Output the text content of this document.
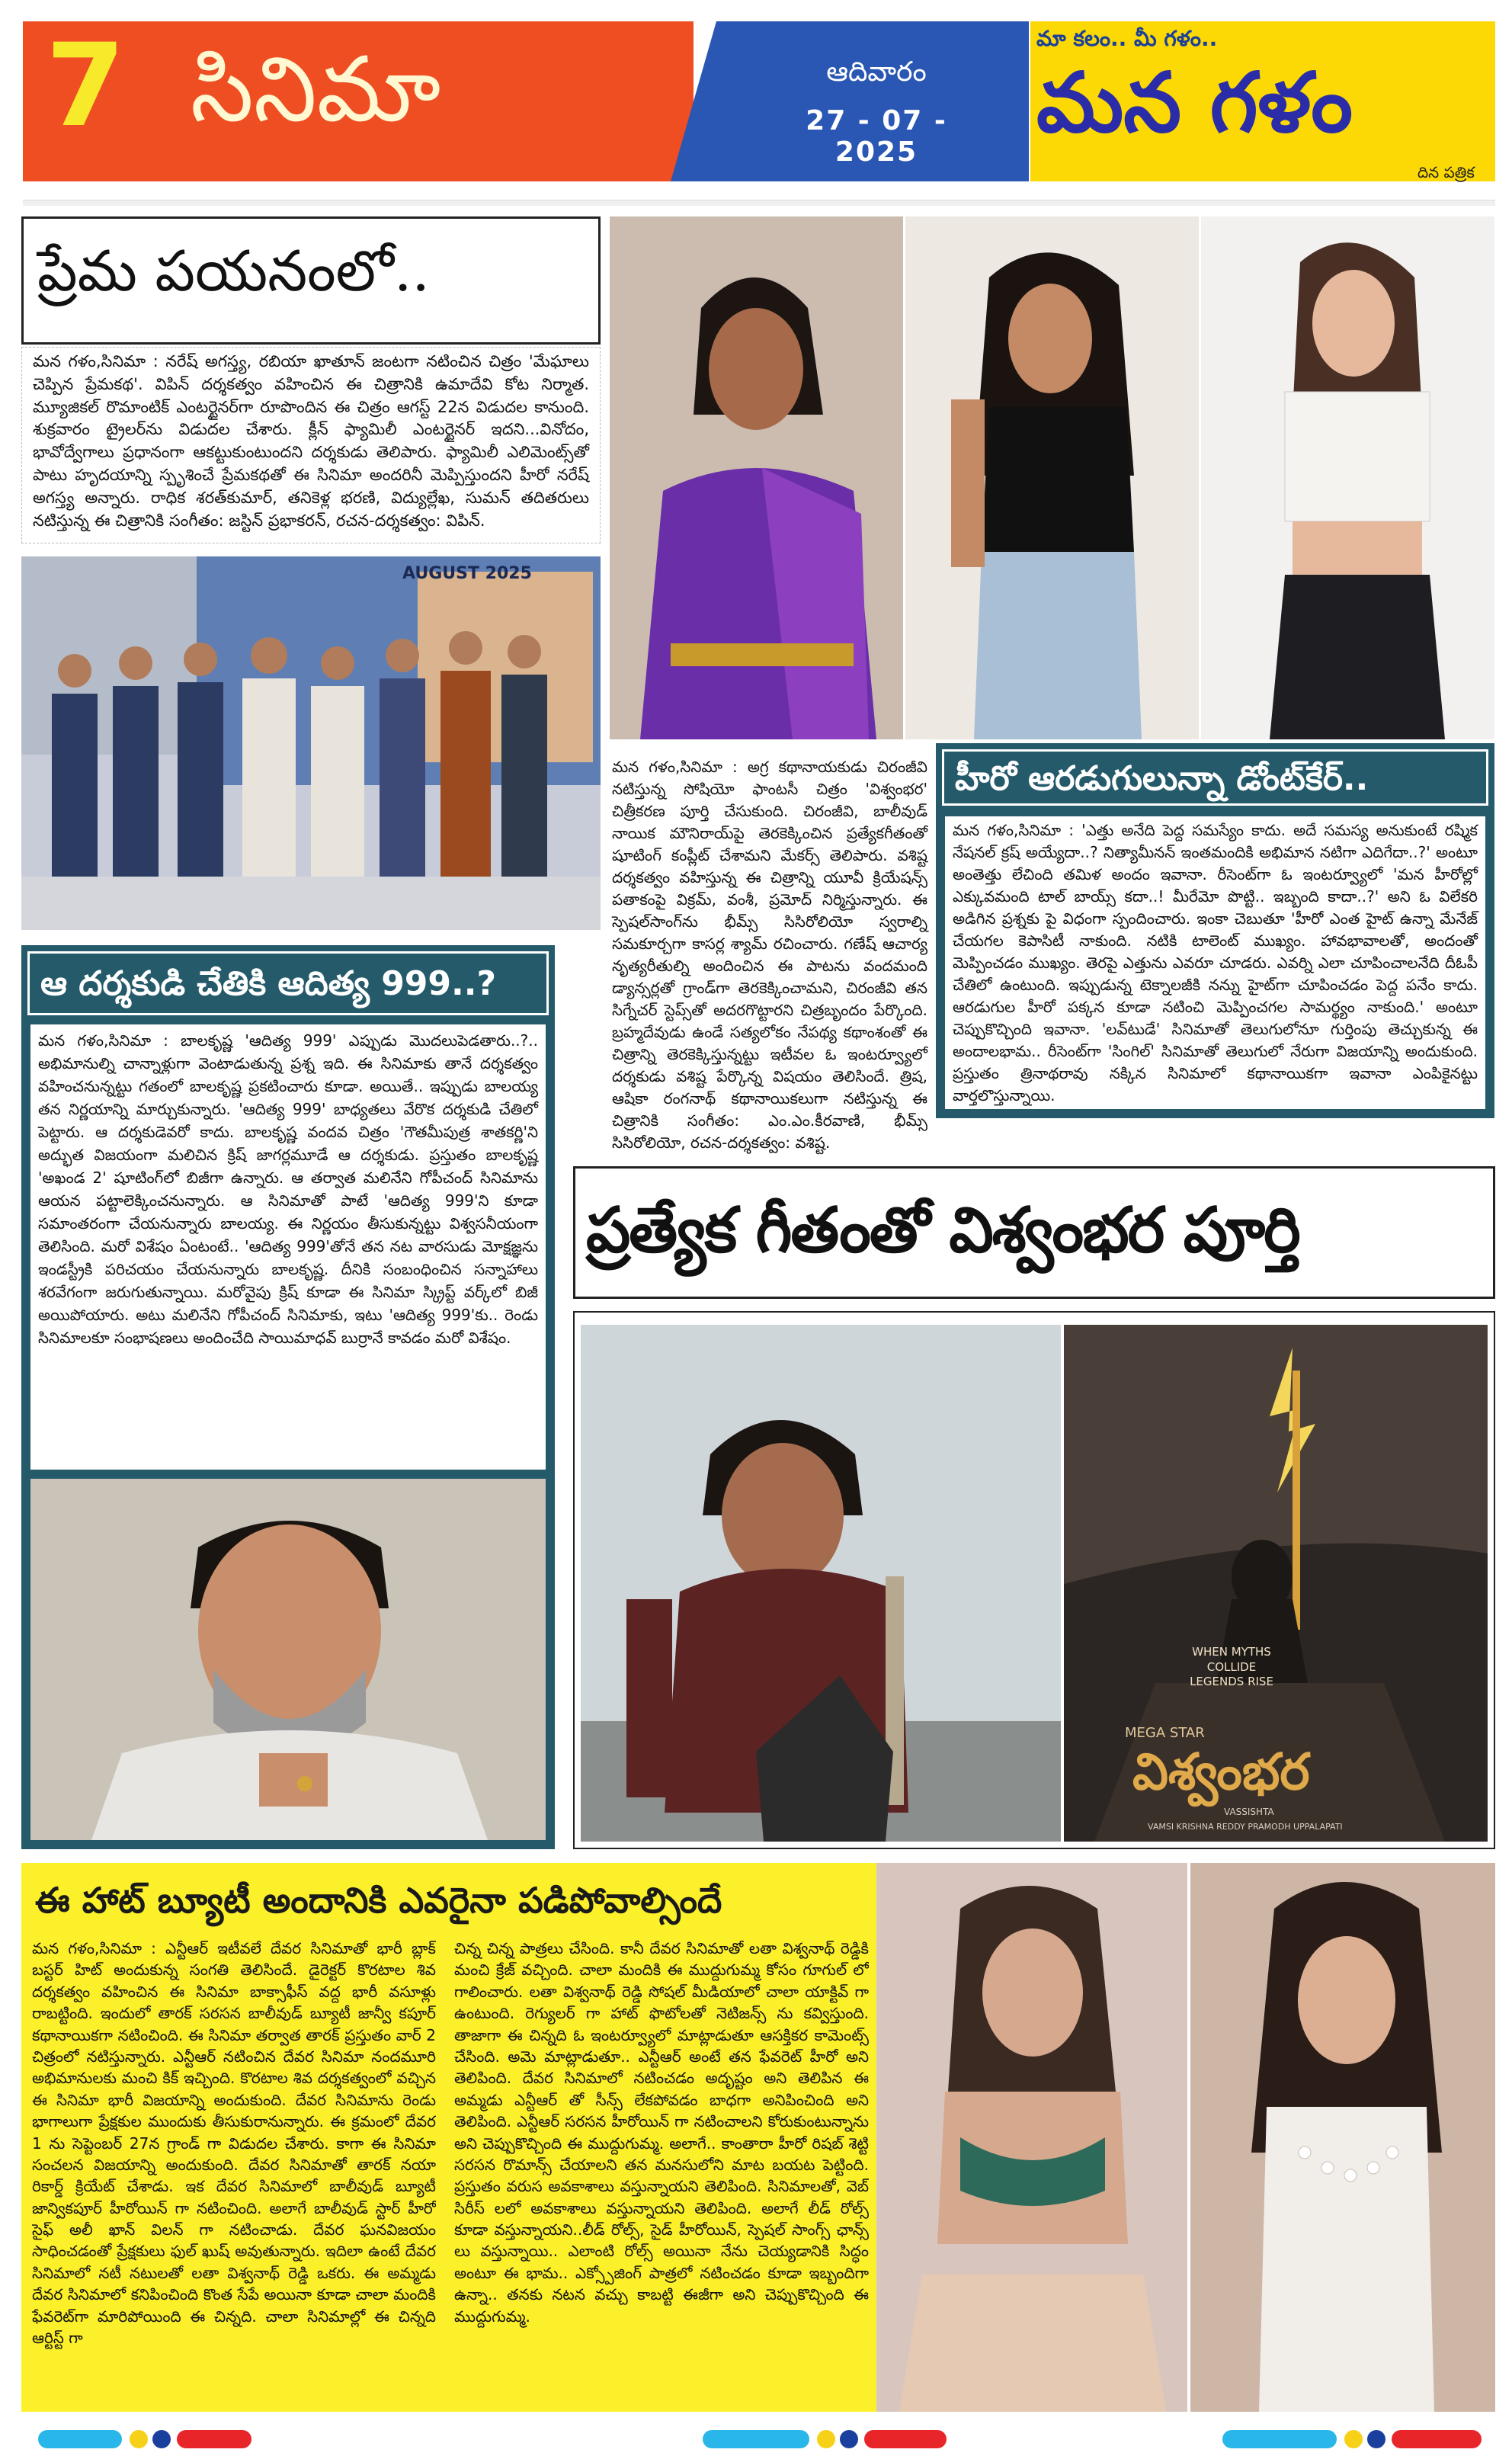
7 సినిమా	ఆదివారం
27 - 07 - 2025
మా కలం.. మీ గళం..
మన గళం
దిన పత్రిక
ప్రేమ పయనంలో..
మన గళం,సినిమా : నరేష్ అగస్త్య, రబియా ఖాతూన్ జంటగా నటించిన చిత్రం 'మేఘాలు చెప్పిన ప్రేమకథ'. విపిన్ దర్శకత్వం వహించిన ఈ చిత్రానికి ఉమాదేవి కోట నిర్మాత. మ్యూజికల్ రొమాంటిక్ ఎంటర్టైనర్‌గా రూపొందిన ఈ చిత్రం ఆగస్ట్ 22న విడుదల కానుంది. శుక్రవారం ట్రైలర్‌ను విడుదల చేశారు. క్లీన్ ఫ్యామిలీ ఎంటర్టైనర్ ఇదని...వినోదం, భావోద్వేగాలు ప్రధానంగా ఆకట్టుకుంటుందని దర్శకుడు తెలిపారు. ఫ్యామిలీ ఎలిమెంట్స్‌తో పాటు హృదయాన్ని స్పృశించే ప్రేమకథతో ఈ సినిమా అందరినీ మెప్పిస్తుందని హీరో నరేష్ అగస్త్య అన్నారు. రాధిక శరత్‌కుమార్, తనికెళ్ల భరణి, విద్యుల్లేఖ, సుమన్ తదితరులు నటిస్తున్న ఈ చిత్రానికి సంగీతం: జస్టిన్ ప్రభాకరన్, రచన-దర్శకత్వం: విపిన్.
AUGUST 2025
మన గళం,సినిమా : అగ్ర కథానాయకుడు చిరంజీవి నటిస్తున్న సోషియో ఫాంటసీ చిత్రం 'విశ్వంభర' చిత్రీకరణ పూర్తి చేసుకుంది. చిరంజీవి, బాలీవుడ్ నాయిక మౌనిరాయ్‌పై తెరకెక్కించిన ప్రత్యేకగీతంతో షూటింగ్ కంప్లీట్ చేశామని మేకర్స్ తెలిపారు. వశిష్ట దర్శకత్వం వహిస్తున్న ఈ చిత్రాన్ని యూవీ క్రియేషన్స్ పతాకంపై విక్రమ్, వంశీ, ప్రమోద్ నిర్మిస్తున్నారు. ఈ స్పెషల్‌సాంగ్‌ను భీమ్స్ సిసిరోలియో స్వరాల్ని సమకూర్చగా కాసర్ల శ్యామ్ రచించారు. గణేష్ ఆచార్య నృత్యరీతుల్ని అందించిన ఈ పాటను వందమంది డ్యాన్సర్లతో గ్రాండ్‌గా తెరకెక్కించామని, చిరంజీవి తన సిగ్నేచర్ స్టెప్స్‌తో అదరగొట్టారని చిత్రబృందం పేర్కొంది. బ్రహ్మదేవుడు ఉండే సత్యలోకం నేపథ్య కథాంశంతో ఈ చిత్రాన్ని తెరకెక్కిస్తున్నట్టు ఇటీవల ఓ ఇంటర్వ్యూలో దర్శకుడు వశిష్ట పేర్కొన్న విషయం తెలిసిందే. త్రిష, ఆషికా రంగనాథ్ కథానాయికలుగా నటిస్తున్న ఈ చిత్రానికి సంగీతం: ఎం.ఎం.కీరవాణి, భీమ్స్ సిసిరోలియో, రచన-దర్శకత్వం: వశిష్ట.
హీరో ఆరడుగులున్నా డోంట్‌కేర్..
మన గళం,సినిమా : 'ఎత్తు అనేది పెద్ద సమస్యేం కాదు. అదే సమస్య అనుకుంటే రష్మిక నేషనల్ క్రష్ అయ్యేదా..? నిత్యామీనన్ ఇంతమందికి అభిమాన నటిగా ఎదిగేదా..?' అంటూ అంతెత్తు లేచింది తమిళ అందం ఇవానా. రీసెంట్‌గా ఓ ఇంటర్వ్యూలో 'మన హీరోల్లో ఎక్కువమంది టాల్ బాయ్స్ కదా..! మీరేమో పొట్టి.. ఇబ్బంది కాదా..?' అని ఓ విలేకరి అడిగిన ప్రశ్నకు పై విధంగా స్పందించారు. ఇంకా చెబుతూ 'హీరో ఎంత హైట్ ఉన్నా మేనేజ్ చేయగల కెపాసిటీ నాకుంది. నటికి టాలెంట్ ముఖ్యం. హావభావాలతో, అందంతో మెప్పించడం ముఖ్యం. తెరపై ఎత్తును ఎవరూ చూడరు. ఎవర్ని ఎలా చూపించాలనేది దీఓపీ చేతిలో ఉంటుంది. ఇప్పుడున్న టెక్నాలజీకి నన్ను హైట్‌గా చూపించడం పెద్ద పనేం కాదు. ఆరడుగుల హీరో పక్కన కూడా నటించి మెప్పించగల సామర్థ్యం నాకుంది.' అంటూ చెప్పుకొచ్చింది ఇవానా. 'లవ్‌టుడే' సినిమాతో తెలుగులోనూ గుర్తింపు తెచ్చుకున్న ఈ అందాలభామ.. రీసెంట్‌గా 'సింగిల్' సినిమాతో తెలుగులో నేరుగా విజయాన్ని అందుకుంది. ప్రస్తుతం త్రినాథరావు నక్కిన సినిమాలో కథానాయికగా ఇవానా ఎంపికైనట్టు వార్తలొస్తున్నాయి.
ఆ దర్శకుడి చేతికి ఆదిత్య 999..?
మన గళం,సినిమా : బాలకృష్ణ 'ఆదిత్య 999' ఎప్పుడు మొదలుపెడతారు..?.. అభిమానుల్ని చాన్నాళ్లుగా వెంటాడుతున్న ప్రశ్న ఇది. ఈ సినిమాకు తానే దర్శకత్వం వహించనున్నట్టు గతంలో బాలకృష్ణ ప్రకటించారు కూడా. అయితే.. ఇప్పుడు బాలయ్య తన నిర్ణయాన్ని మార్చుకున్నారు. 'ఆదిత్య 999' బాధ్యతలు వేరొక దర్శకుడి చేతిలో పెట్టారు. ఆ దర్శకుడెవరో కాదు. బాలకృష్ణ వందవ చిత్రం 'గౌతమీపుత్ర శాతకర్ణి'ని అద్భుత విజయంగా మలిచిన క్రిష్ జాగర్లమూడే ఆ దర్శకుడు. ప్రస్తుతం బాలకృష్ణ 'అఖండ 2' షూటింగ్‌లో బిజీగా ఉన్నారు. ఆ తర్వాత మలినేని గోపీచంద్ సినిమాను ఆయన పట్టాలెక్కించనున్నారు. ఆ సినిమాతో పాటే 'ఆదిత్య 999'ని కూడా సమాంతరంగా చేయనున్నారు బాలయ్య. ఈ నిర్ణయం తీసుకున్నట్టు విశ్వసనీయంగా తెలిసింది. మరో విశేషం ఏంటంటే.. 'ఆదిత్య 999'తోనే తన నట వారసుడు మోక్షజ్ఞను ఇండస్ట్రీకి పరిచయం చేయనున్నారు బాలకృష్ణ. దీనికి సంబంధించిన సన్నాహాలు శరవేగంగా జరుగుతున్నాయి. మరోవైపు క్రిష్ కూడా ఈ సినిమా స్క్రిప్ట్ వర్క్‌లో బిజీ అయిపోయారు. అటు మలినేని గోపీచంద్ సినిమాకు, ఇటు 'ఆదిత్య 999'కు.. రెండు సినిమాలకూ సంభాషణలు అందించేది సాయిమాధవ్ బుర్రానే కావడం మరో విశేషం.
ప్రత్యేక గీతంతో విశ్వంభర పూర్తి
WHEN MYTHS COLLIDE LEGENDS RISE
MEGA STAR
విశ్వంభర
VASSISHTA
VAMSI KRISHNA REDDY PRAMODH UPPALAPATI
ఈ హాట్ బ్యూటీ అందానికి ఎవరైనా పడిపోవాల్సిందే
మన గళం,సినిమా : ఎన్టీఆర్ ఇటీవలే దేవర సినిమాతో భారీ బ్లాక్ బస్టర్ హిట్ అందుకున్న సంగతి తెలిసిందే. డైరెక్టర్ కొరటాల శివ దర్శకత్వం వహించిన ఈ సినిమా బాక్సాఫీస్ వద్ద భారీ వసూళ్లు రాబట్టింది. ఇందులో తారక్ సరసన బాలీవుడ్ బ్యూటీ జాన్వీ కపూర్ కథానాయికగా నటించింది. ఈ సినిమా తర్వాత తారక్ ప్రస్తుతం వార్ 2 చిత్రంలో నటిస్తున్నారు. ఎన్టీఆర్ నటించిన దేవర సినిమా నందమూరి అభిమానులకు మంచి కిక్ ఇచ్చింది. కొరటాల శివ దర్శకత్వంలో వచ్చిన ఈ సినిమా భారీ విజయాన్ని అందుకుంది. దేవర సినిమాను రెండు భాగాలుగా ప్రేక్షకుల ముందుకు తీసుకురానున్నారు. ఈ క్రమంలో దేవర 1 ను సెప్టెంబర్ 27న గ్రాండ్ గా విడుదల చేశారు. కాగా ఈ సినిమా సంచలన విజయాన్ని అందుకుంది. దేవర సినిమాతో తారక్ నయా రికార్డ్ క్రియేట్ చేశాడు. ఇక దేవర సినిమాలో బాలీవుడ్ బ్యూటీ జాన్వికపూర్ హీరోయిన్ గా నటించింది. అలాగే బాలీవుడ్ స్టార్ హీరో సైఫ్ అలీ ఖాన్ విలన్ గా నటించాడు. దేవర ఘనవిజయం సాధించడంతో ప్రేక్షకులు ఫుల్ ఖుష్ అవుతున్నారు. ఇదిలా ఉంటే దేవర సినిమాలో నటీ నటులతో లతా విశ్వనాథ్ రెడ్డి ఒకరు. ఈ అమ్మడు దేవర సినిమాలో కనిపించింది కొంత సేపే అయినా కూడా చాలా మందికి ఫేవరెట్‌గా మారిపోయింది ఈ చిన్నది. చాలా సినిమాల్లో ఈ చిన్నది ఆర్టిస్ట్ గా
చిన్న చిన్న పాత్రలు చేసింది. కానీ దేవర సినిమాతో లతా విశ్వనాథ్ రెడ్డికి మంచి క్రేజ్ వచ్చింది. చాలా మందికి ఈ ముద్దుగుమ్మ కోసం గూగుల్ లో గాలించారు. లతా విశ్వనాథ్ రెడ్డి సోషల్ మీడియాలో చాలా యాక్టివ్ గా ఉంటుంది. రెగ్యులర్ గా హాట్ ఫొటోలతో నెటిజన్స్ ను కవ్విస్తుంది. తాజాగా ఈ చిన్నది ఓ ఇంటర్వ్యూలో మాట్లాడుతూ ఆసక్తికర కామెంట్స్ చేసింది. అమె మాట్లాడుతూ.. ఎన్టీఆర్ అంటే తన ఫేవరెట్ హీరో అని తెలిపింది. దేవర సినిమాలో నటించడం అదృష్టం అని తెలిపిన ఈ అమ్మడు ఎన్టీఆర్ తో సీన్స్ లేకపోవడం బాధగా అనిపించింది అని తెలిపింది. ఎన్టీఆర్ సరసన హీరోయిన్ గా నటించాలని కోరుకుంటున్నాను అని చెప్పుకొచ్చింది ఈ ముద్దుగుమ్మ. అలాగే.. కాంతారా హీరో రిషబ్ శెట్టి సరసన రొమాన్స్ చేయాలని తన మనసులోని మాట బయట పెట్టింది. ప్రస్తుతం వరుస అవకాశాలు వస్తున్నాయని తెలిపింది. సినిమాలతో, వెబ్ సిరీస్ లలో అవకాశాలు వస్తున్నాయని తెలిపింది. అలాగే లీడ్ రోల్స్ కూడా వస్తున్నాయని..లీడ్ రోల్స్, సైడ్ హీరోయిన్, స్పెషల్ సాంగ్స్ ఛాన్స్ లు వస్తున్నాయి.. ఎలాంటి రోల్స్ అయినా నేను చెయ్యడానికి సిద్ధం అంటూ ఈ భామ.. ఎక్స్పోజింగ్ పాత్రలో నటించడం కూడా ఇబ్బందిగా ఉన్నా.. తనకు నటన వచ్చు కాబట్టి ఈజీగా అని చెప్పుకొచ్చింది ఈ ముద్దుగుమ్మ.
